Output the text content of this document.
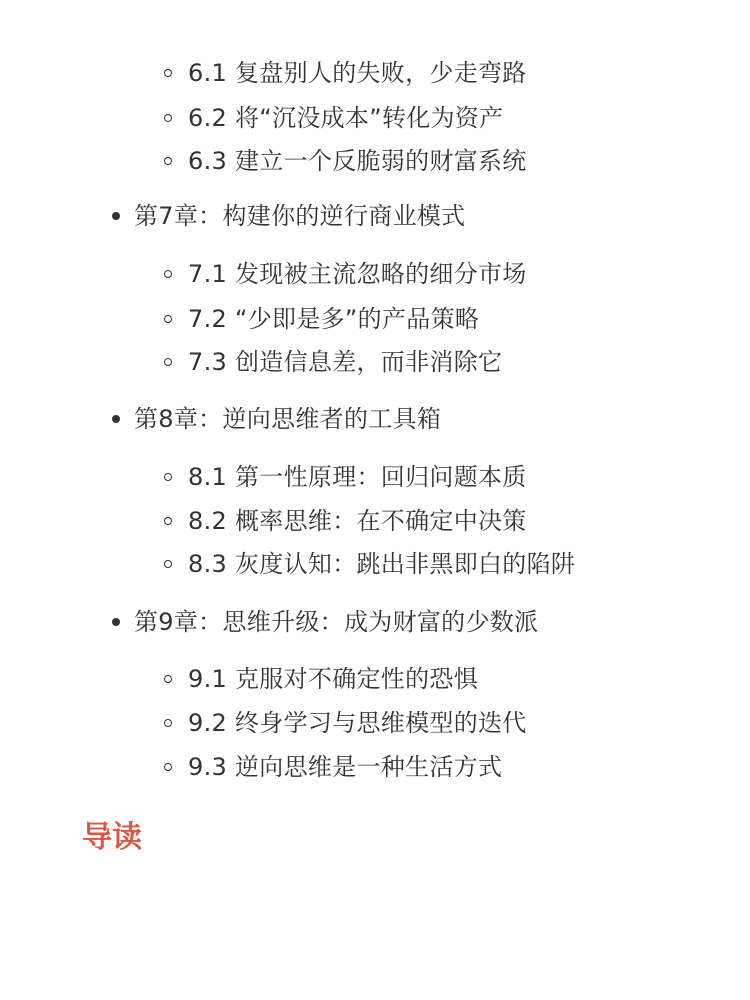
6.1 复盘别人的失败，少走弯路
6.2 将“沉没成本”转化为资产
6.3 建立一个反脆弱的财富系统
第7章：构建你的逆行商业模式
7.1 发现被主流忽略的细分市场
7.2 “少即是多”的产品策略
7.3 创造信息差，而非消除它
第8章：逆向思维者的工具箱
8.1 第一性原理：回归问题本质
8.2 概率思维：在不确定中决策
8.3 灰度认知：跳出非黑即白的陷阱
第9章：思维升级：成为财富的少数派
9.1 克服对不确定性的恐惧
9.2 终身学习与思维模型的迭代
9.3 逆向思维是一种生活方式
导读
